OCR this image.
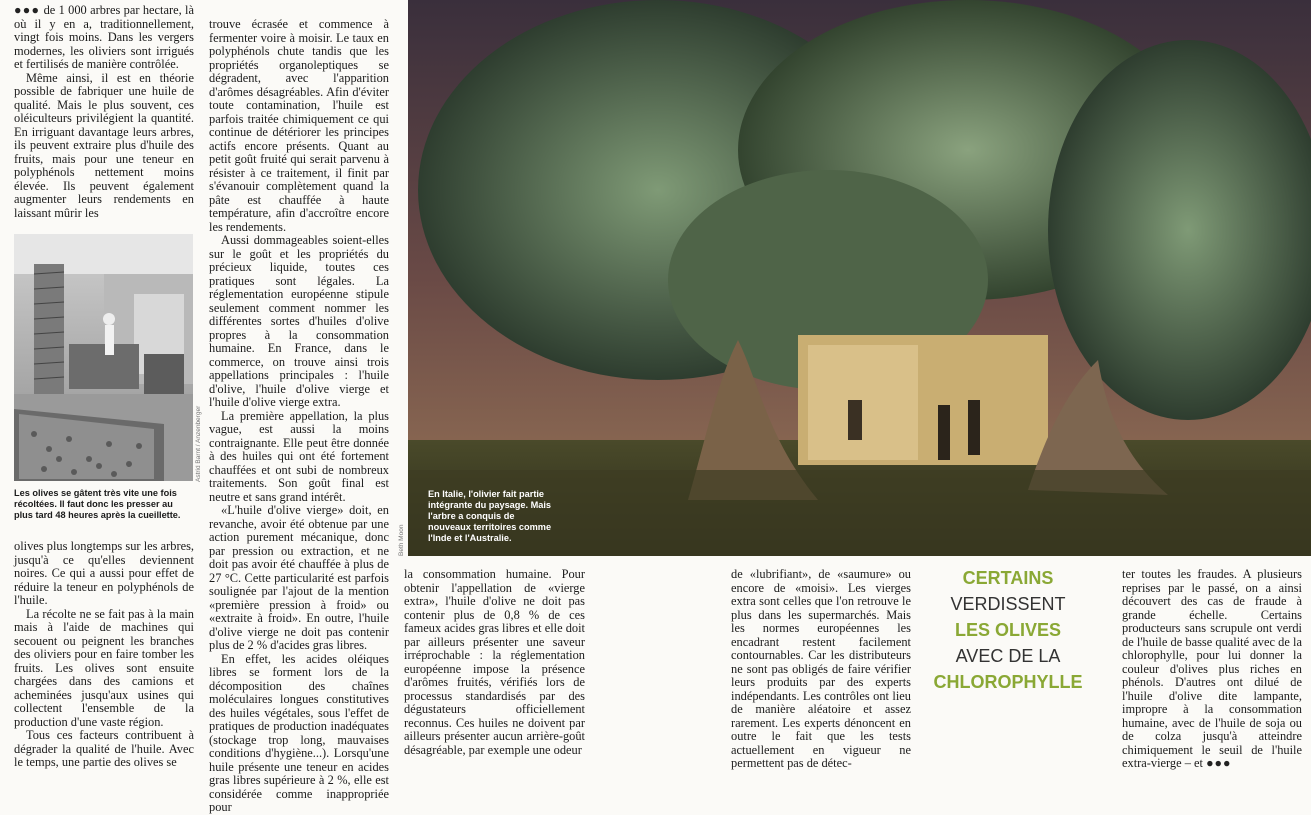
●●● de 1 000 arbres par hectare, là où il y en a, traditionnellement, vingt fois moins. Dans les vergers modernes, les oliviers sont irrigués et fertilisés de manière contrôlée.

Même ainsi, il est en théorie possible de fabriquer une huile de qualité. Mais le plus souvent, ces oléiculteurs privilégient la quantité. En irriguant davantage leurs arbres, ils peuvent extraire plus d'huile des fruits, mais pour une teneur en polyphénols nettement moins élevée. Ils peuvent également augmenter leurs rendements en laissant mûrir les

Astrid Barnt / Anzenberger
Les olives se gâtent très vite une fois récoltées. Il faut donc les presser au plus tard 48 heures après la cueillette.

olives plus longtemps sur les arbres, jusqu'à ce qu'elles deviennent noires. Ce qui a aussi pour effet de réduire la teneur en polyphénols de l'huile.

La récolte ne se fait pas à la main mais à l'aide de machines qui secouent ou peignent les branches des oliviers pour en faire tomber les fruits. Les olives sont ensuite chargées dans des camions et acheminées jusqu'aux usines qui collectent l'ensemble de la production d'une vaste région.

Tous ces facteurs contribuent à dégrader la qualité de l'huile. Avec le temps, une partie des olives se

trouve écrasée et commence à fermenter voire à moisir. Le taux en polyphénols chute tandis que les propriétés organoleptiques se dégradent, avec l'apparition d'arômes désagréables. Afin d'éviter toute contamination, l'huile est parfois traitée chimiquement ce qui continue de détériorer les principes actifs encore présents. Quant au petit goût fruité qui serait parvenu à résister à ce traitement, il finit par s'évanouir complètement quand la pâte est chauffée à haute température, afin d'accroître encore les rendements.

Aussi dommageables soient-elles sur le goût et les propriétés du précieux liquide, toutes ces pratiques sont légales. La réglementation européenne stipule seulement comment nommer les différentes sortes d'huiles d'olive propres à la consommation humaine. En France, dans le commerce, on trouve ainsi trois appellations principales : l'huile d'olive, l'huile d'olive vierge et l'huile d'olive vierge extra.

La première appellation, la plus vague, est aussi la moins contraignante. Elle peut être donnée à des huiles qui ont été fortement chauffées et ont subi de nombreux traitements. Son goût final est neutre et sans grand intérêt.

«L'huile d'olive vierge» doit, en revanche, avoir été obtenue par une action purement mécanique, donc par pression ou extraction, et ne doit pas avoir été chauffée à plus de 27 °C. Cette particularité est parfois soulignée par l'ajout de la mention «première pression à froid» ou «extraite à froid». En outre, l'huile d'olive vierge ne doit pas contenir plus de 2 % d'acides gras libres.

En effet, les acides oléiques libres se forment lors de la décomposition des chaînes moléculaires longues constitutives des huiles végétales, sous l'effet de pratiques de production inadéquates (stockage trop long, mauvaises conditions d'hygiène...). Lorsqu'une huile présente une teneur en acides gras libres supérieure à 2 %, elle est considérée comme inappropriée pour

Beth Moon
En Italie, l'olivier fait partie intégrante du paysage. Mais l'arbre a conquis de nouveaux territoires comme l'Inde et l'Australie.

la consommation humaine. Pour obtenir l'appellation de «vierge extra», l'huile d'olive ne doit pas contenir plus de 0,8 % de ces fameux acides gras libres et elle doit par ailleurs présenter une saveur irréprochable : la réglementation européenne impose la présence d'arômes fruités, vérifiés lors de processus standardisés par des dégustateurs officiellement reconnus. Ces huiles ne doivent par ailleurs présenter aucun arrière-goût désagréable, par exemple une odeur

de «lubrifiant», de «saumure» ou encore de «moisi». Les vierges extra sont celles que l'on retrouve le plus dans les supermarchés. Mais les normes européennes les encadrant restent facilement contournables. Car les distributeurs ne sont pas obligés de faire vérifier leurs produits par des experts indépendants. Les contrôles ont lieu de manière aléatoire et assez rarement. Les experts dénoncent en outre le fait que les tests actuellement en vigueur ne permettent pas de détec-

CERTAINS
VERDISSENT
LES OLIVES
AVEC DE LA
CHLOROPHYLLE

ter toutes les fraudes. A plusieurs reprises par le passé, on a ainsi découvert des cas de fraude à grande échelle. Certains producteurs sans scrupule ont verdi de l'huile de basse qualité avec de la chlorophylle, pour lui donner la couleur d'olives plus riches en phénols. D'autres ont dilué de l'huile d'olive dite lampante, impropre à la consommation humaine, avec de l'huile de soja ou de colza jusqu'à atteindre chimiquement le seuil de l'huile extra-vierge – et ●●●
